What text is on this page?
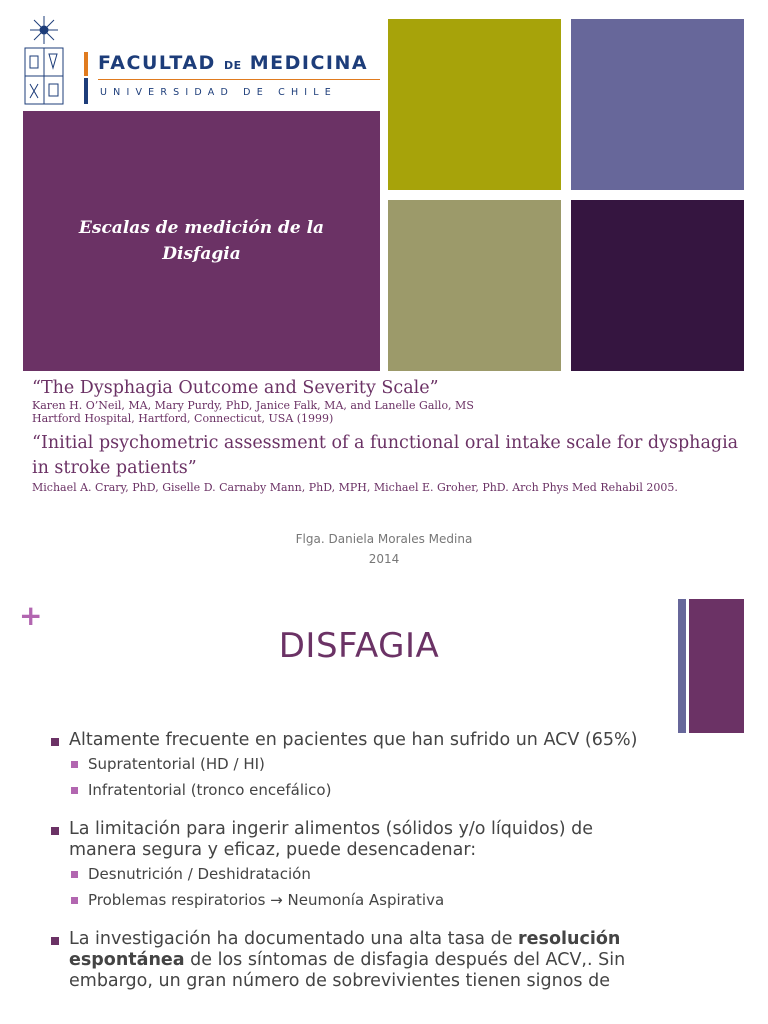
FACULTAD DE MEDICINA
UNIVERSIDAD DE CHILE
Escalas de medición de la Disfagia
“The Dysphagia Outcome and Severity Scale”
Karen H. O’Neil, MA, Mary Purdy, PhD, Janice Falk, MA, and Lanelle Gallo, MS
Hartford Hospital, Hartford, Connecticut, USA (1999)
“Initial psychometric assessment of a functional oral intake scale for dysphagia in stroke patients”
Michael A. Crary, PhD, Giselle D. Carnaby Mann, PhD, MPH, Michael E. Groher, PhD. Arch Phys Med Rehabil 2005.
Flga. Daniela Morales Medina
2014
+
DISFAGIA
Altamente frecuente en pacientes que han sufrido un ACV (65%)
Supratentorial (HD / HI)
Infratentorial (tronco encefálico)
La limitación para ingerir alimentos (sólidos y/o líquidos) de manera segura y eficaz, puede desencadenar:
Desnutrición / Deshidratación
Problemas respiratorios → Neumonía Aspirativa
La investigación ha documentado una alta tasa de resolución espontánea de los síntomas de disfagia después del ACV,. Sin embargo, un gran número de sobrevivientes tienen signos de
